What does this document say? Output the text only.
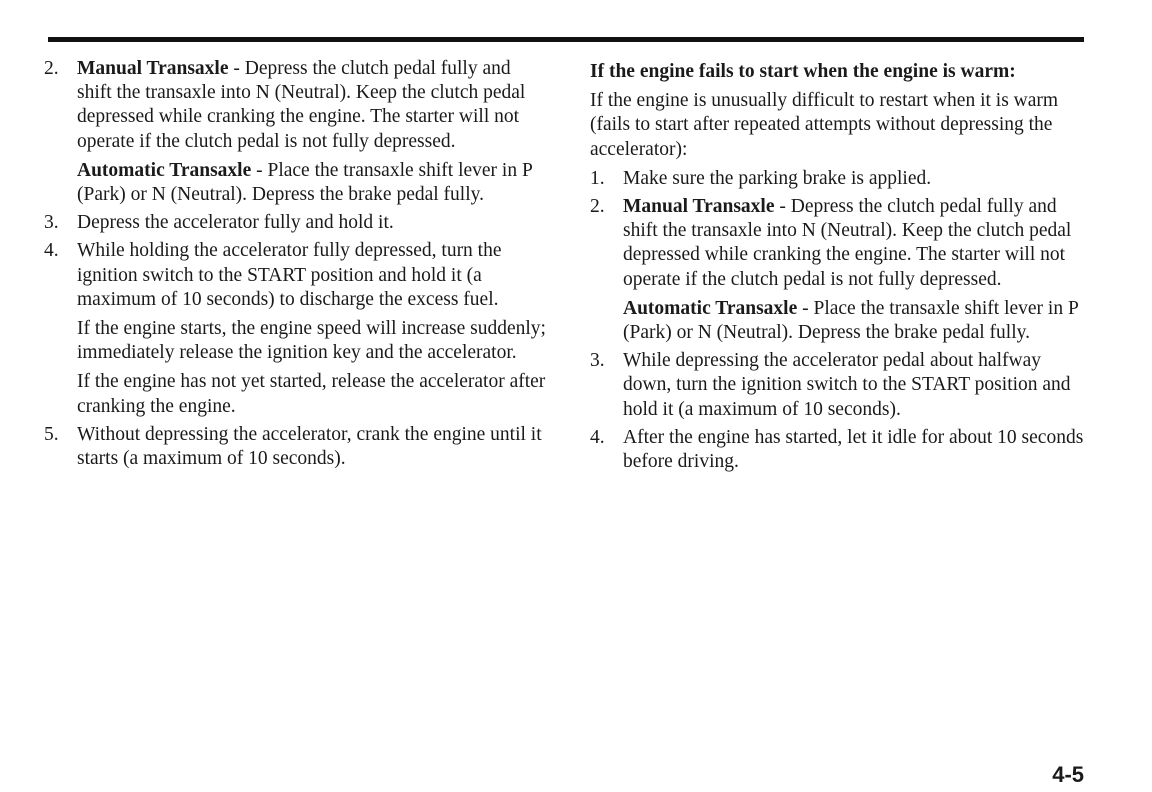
2. Manual Transaxle - Depress the clutch pedal fully and shift the transaxle into N (Neutral). Keep the clutch pedal depressed while cranking the engine. The starter will not operate if the clutch pedal is not fully depressed.

Automatic Transaxle - Place the transaxle shift lever in P (Park) or N (Neutral). Depress the brake pedal fully.

3. Depress the accelerator fully and hold it.

4. While holding the accelerator fully depressed, turn the ignition switch to the START position and hold it (a maximum of 10 seconds) to discharge the excess fuel.

If the engine starts, the engine speed will increase suddenly; immediately release the ignition key and the accelerator.

If the engine has not yet started, release the accelerator after cranking the engine.

5. Without depressing the accelerator, crank the engine until it starts (a maximum of 10 seconds).

If the engine fails to start when the engine is warm:

If the engine is unusually difficult to restart when it is warm (fails to start after repeated attempts without depressing the accelerator):

1. Make sure the parking brake is applied.

2. Manual Transaxle - Depress the clutch pedal fully and shift the transaxle into N (Neutral). Keep the clutch pedal depressed while cranking the engine. The starter will not operate if the clutch pedal is not fully depressed.

Automatic Transaxle - Place the transaxle shift lever in P (Park) or N (Neutral). Depress the brake pedal fully.

3. While depressing the accelerator pedal about halfway down, turn the ignition switch to the START position and hold it (a maximum of 10 seconds).

4. After the engine has started, let it idle for about 10 seconds before driving.

4-5
